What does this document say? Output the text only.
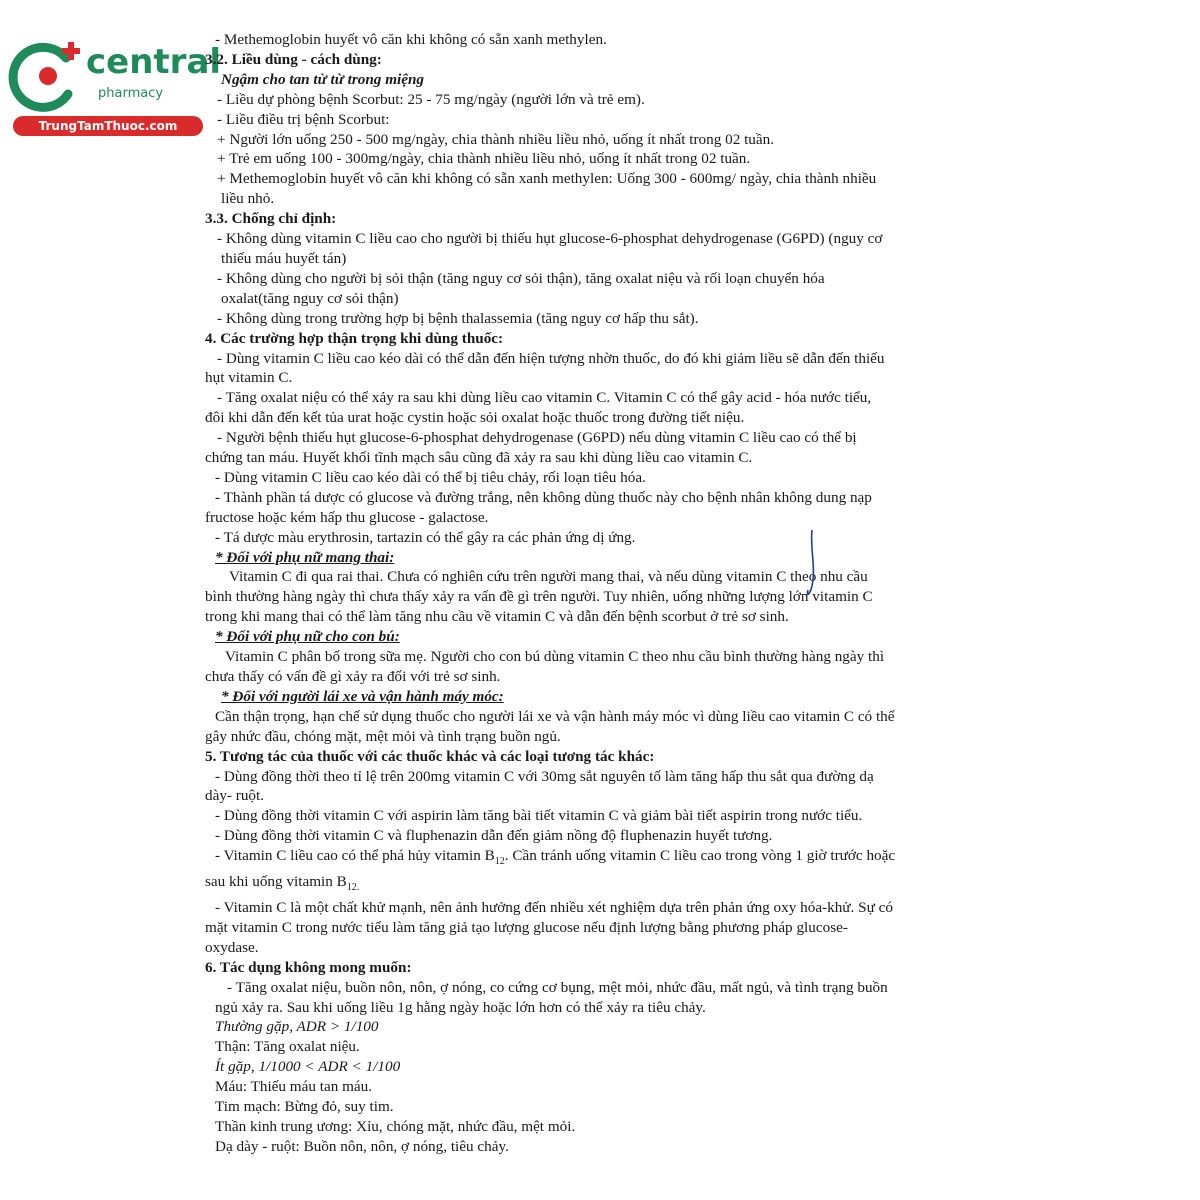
central
pharmacy
TrungTamThuoc.com
- Methemoglobin huyết vô căn khi không có sẵn xanh methylen.
3.2. Liều dùng - cách dùng:
Ngậm cho tan từ từ trong miệng
- Liều dự phòng bệnh Scorbut: 25 - 75 mg/ngày (người lớn và trẻ em).
- Liều điều trị bệnh Scorbut:
+ Người lớn uống 250 - 500 mg/ngày, chia thành nhiều liều nhỏ, uống ít nhất trong 02 tuần.
+ Trẻ em uống 100 - 300mg/ngày, chia thành nhiều liều nhỏ, uống ít nhất trong 02 tuần.
+ Methemoglobin huyết vô căn khi không có sẵn xanh methylen: Uống 300 - 600mg/ ngày, chia thành nhiều
liều nhỏ.
3.3. Chống chỉ định:
- Không dùng vitamin C liều cao cho người bị thiếu hụt glucose-6-phosphat dehydrogenase (G6PD) (nguy cơ
thiếu máu huyết tán)
- Không dùng cho người bị sỏi thận (tăng nguy cơ sỏi thận), tăng oxalat niệu và rối loạn chuyển hóa
oxalat(tăng nguy cơ sỏi thận)
- Không dùng trong trường hợp bị bệnh thalassemia (tăng nguy cơ hấp thu sắt).
4. Các trường hợp thận trọng khi dùng thuốc:
- Dùng vitamin C liều cao kéo dài có thể dẫn đến hiện tượng nhờn thuốc, do đó khi giảm liều sẽ dẫn đến thiếu
hụt vitamin C.
- Tăng oxalat niệu có thể xảy ra sau khi dùng liều cao vitamin C. Vitamin C có thể gây acid - hóa nước tiểu,
đôi khi dẫn đến kết tủa urat hoặc cystin hoặc sỏi oxalat hoặc thuốc trong đường tiết niệu.
- Người bệnh thiếu hụt glucose-6-phosphat dehydrogenase (G6PD) nếu dùng vitamin C liều cao có thể bị
chứng tan máu. Huyết khối tĩnh mạch sâu cũng đã xảy ra sau khi dùng liều cao vitamin C.
- Dùng vitamin C liều cao kéo dài có thể bị tiêu chảy, rối loạn tiêu hóa.
- Thành phần tá dược có glucose và đường trắng, nên không dùng thuốc này cho bệnh nhân không dung nạp
fructose hoặc kém hấp thu glucose - galactose.
- Tá dược màu erythrosin, tartazin có thể gây ra các phản ứng dị ứng.
* Đối với phụ nữ mang thai:
Vitamin C đi qua rai thai. Chưa có nghiên cứu trên người mang thai, và nếu dùng vitamin C theo nhu cầu
bình thường hàng ngày thì chưa thấy xảy ra vấn đề gì trên người. Tuy nhiên, uống những lượng lớn vitamin C
trong khi mang thai có thể làm tăng nhu cầu về vitamin C và dẫn đến bệnh scorbut ở trẻ sơ sinh.
* Đối với phụ nữ cho con bú:
Vitamin C phân bố trong sữa mẹ. Người cho con bú dùng vitamin C theo nhu cầu bình thường hàng ngày thì
chưa thấy có vấn đề gì xảy ra đối với trẻ sơ sinh.
* Đối với người lái xe và vận hành máy móc:
Cần thận trọng, hạn chế sử dụng thuốc cho người lái xe và vận hành máy móc vì dùng liều cao vitamin C có thể
gây nhức đầu, chóng mặt, mệt mỏi và tình trạng buồn ngủ.
5. Tương tác của thuốc với các thuốc khác và các loại tương tác khác:
- Dùng đồng thời theo tỉ lệ trên 200mg vitamin C với 30mg sắt nguyên tố làm tăng hấp thu sắt qua đường dạ
dày- ruột.
- Dùng đồng thời vitamin C với aspirin làm tăng bài tiết vitamin C và giảm bài tiết aspirin trong nước tiểu.
- Dùng đồng thời vitamin C và fluphenazin dẫn đến giảm nồng độ fluphenazin huyết tương.
- Vitamin C liều cao có thể phá hủy vitamin $B_{12}$. Cần tránh uống vitamin C liều cao trong vòng 1 giờ trước hoặc
sau khi uống vitamin $B_{12.}$
- Vitamin C là một chất khử mạnh, nên ảnh hưởng đến nhiều xét nghiệm dựa trên phản ứng oxy hóa-khử. Sự có
mặt vitamin C trong nước tiểu làm tăng giả tạo lượng glucose nếu định lượng bằng phương pháp glucose-
oxydase.
6. Tác dụng không mong muốn:
- Tăng oxalat niệu, buồn nôn, nôn, ợ nóng, co cứng cơ bụng, mệt mỏi, nhức đầu, mất ngủ, và tình trạng buồn
ngủ xảy ra. Sau khi uống liều 1g hằng ngày hoặc lớn hơn có thể xảy ra tiêu chảy.
Thường gặp, ADR > 1/100
Thận: Tăng oxalat niệu.
Ít gặp, 1/1000 < ADR < 1/100
Máu: Thiếu máu tan máu.
Tim mạch: Bừng đỏ, suy tim.
Thần kinh trung ương: Xỉu, chóng mặt, nhức đầu, mệt mỏi.
Dạ dày - ruột: Buồn nôn, nôn, ợ nóng, tiêu chảy.
